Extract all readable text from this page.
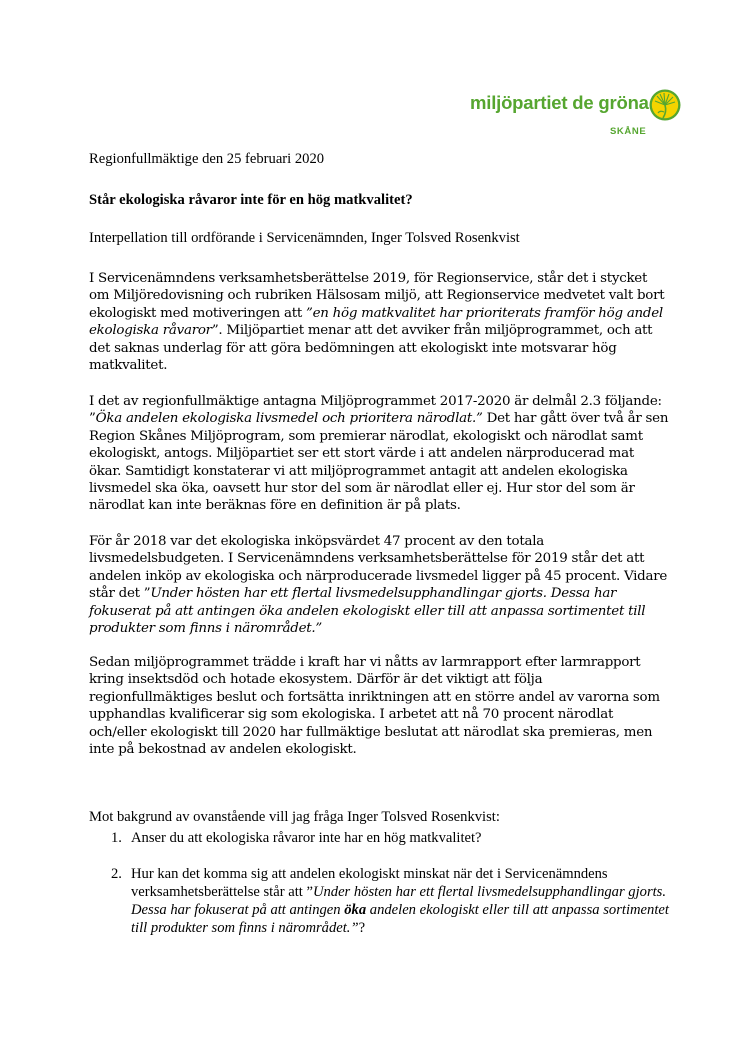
miljöpartiet de gröna
SKÅNE
Regionfullmäktige den 25 februari 2020
Står ekologiska råvaror inte för en hög matkvalitet?
Interpellation till ordförande i Servicenämnden, Inger Tolsved Rosenkvist

I Servicenämndens verksamhetsberättelse 2019, för Regionservice, står det i stycket om Miljöredovisning och rubriken Hälsosam miljö, att Regionservice medvetet valt bort ekologiskt med motiveringen att ”en hög matkvalitet har prioriterats framför hög andel ekologiska råvaror”. Miljöpartiet menar att det avviker från miljöprogrammet, och att det saknas underlag för att göra bedömningen att ekologiskt inte motsvarar hög matkvalitet.

I det av regionfullmäktige antagna Miljöprogrammet 2017-2020 är delmål 2.3 följande: ”Öka andelen ekologiska livsmedel och prioritera närodlat.” Det har gått över två år sen Region Skånes Miljöprogram, som premierar närodlat, ekologiskt och närodlat samt ekologiskt, antogs. Miljöpartiet ser ett stort värde i att andelen närproducerad mat ökar. Samtidigt konstaterar vi att miljöprogrammet antagit att andelen ekologiska livsmedel ska öka, oavsett hur stor del som är närodlat eller ej. Hur stor del som är närodlat kan inte beräknas före en definition är på plats.

För år 2018 var det ekologiska inköpsvärdet 47 procent av den totala livsmedelsbudgeten. I Servicenämndens verksamhetsberättelse för 2019 står det att andelen inköp av ekologiska och närproducerade livsmedel ligger på 45 procent. Vidare står det ”Under hösten har ett flertal livsmedelsupphandlingar gjorts. Dessa har fokuserat på att antingen öka andelen ekologiskt eller till att anpassa sortimentet till produkter som finns i närområdet.”

Sedan miljöprogrammet trädde i kraft har vi nåtts av larmrapport efter larmrapport kring insektsdöd och hotade ekosystem. Därför är det viktigt att följa regionfullmäktiges beslut och fortsätta inriktningen att en större andel av varorna som upphandlas kvalificerar sig som ekologiska. I arbetet att nå 70 procent närodlat och/eller ekologiskt till 2020 har fullmäktige beslutat att närodlat ska premieras, men inte på bekostnad av andelen ekologiskt.

Mot bakgrund av ovanstående vill jag fråga Inger Tolsved Rosenkvist:
1. Anser du att ekologiska råvaror inte har en hög matkvalitet?
2. Hur kan det komma sig att andelen ekologiskt minskat när det i Servicenämndens verksamhetsberättelse står att ”Under hösten har ett flertal livsmedelsupphandlingar gjorts. Dessa har fokuserat på att antingen öka andelen ekologiskt eller till att anpassa sortimentet till produkter som finns i närområdet.”?
